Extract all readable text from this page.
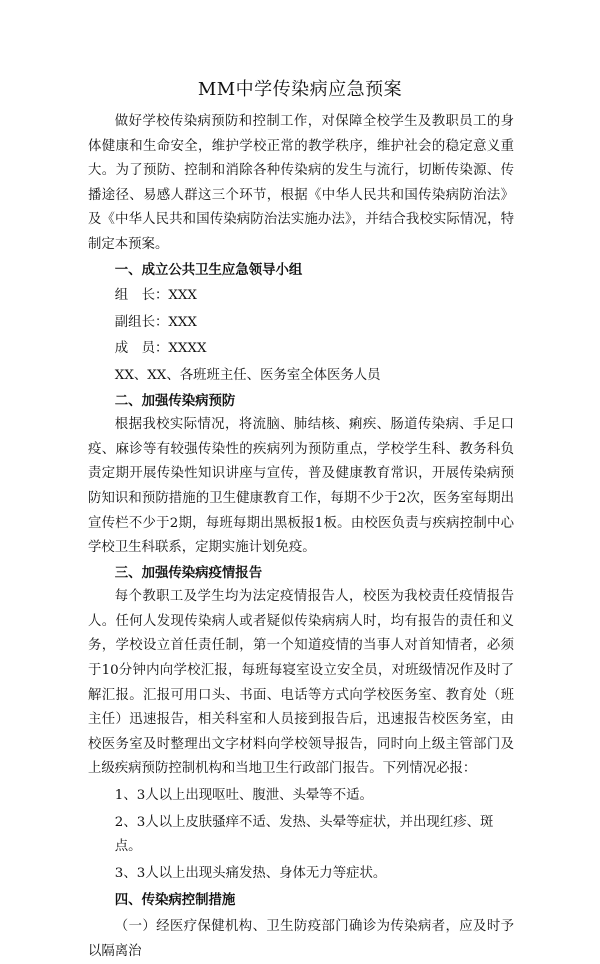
MM中学传染病应急预案

做好学校传染病预防和控制工作，对保障全校学生及教职员工的身体健康和生命安全，维护学校正常的教学秩序，维护社会的稳定意义重大。为了预防、控制和消除各种传染病的发生与流行，切断传染源、传播途径、易感人群这三个环节，根据《中华人民共和国传染病防治法》及《中华人民共和国传染病防治法实施办法》，并结合我校实际情况，特制定本预案。

一、成立公共卫生应急领导小组

组　长：XXX

副组长：XXX

成　员：XXXX

XX、XX、各班班主任、医务室全体医务人员

二、加强传染病预防

根据我校实际情况，将流脑、肺结核、痢疾、肠道传染病、手足口疫、麻诊等有较强传染性的疾病列为预防重点，学校学生科、教务科负责定期开展传染性知识讲座与宣传，普及健康教育常识，开展传染病预防知识和预防措施的卫生健康教育工作，每期不少于2次，医务室每期出宣传栏不少于2期，每班每期出黑板报1板。由校医负责与疾病控制中心学校卫生科联系，定期实施计划免疫。

三、加强传染病疫情报告

每个教职工及学生均为法定疫情报告人，校医为我校责任疫情报告人。任何人发现传染病人或者疑似传染病病人时，均有报告的责任和义务，学校设立首任责任制，第一个知道疫情的当事人对首知情者，必须于10分钟内向学校汇报，每班每寝室设立安全员，对班级情况作及时了解汇报。汇报可用口头、书面、电话等方式向学校医务室、教育处（班主任）迅速报告，相关科室和人员接到报告后，迅速报告校医务室，由校医务室及时整理出文字材料向学校领导报告，同时向上级主管部门及上级疾病预防控制机构和当地卫生行政部门报告。下列情况必报：

1、3人以上出现呕吐、腹泄、头晕等不适。

2、3人以上皮肤骚痒不适、发热、头晕等症状，并出现红疹、斑点。

3、3人以上出现头痛发热、身体无力等症状。

四、传染病控制措施

（一）经医疗保健机构、卫生防疫部门确诊为传染病者，应及时予以隔离治
